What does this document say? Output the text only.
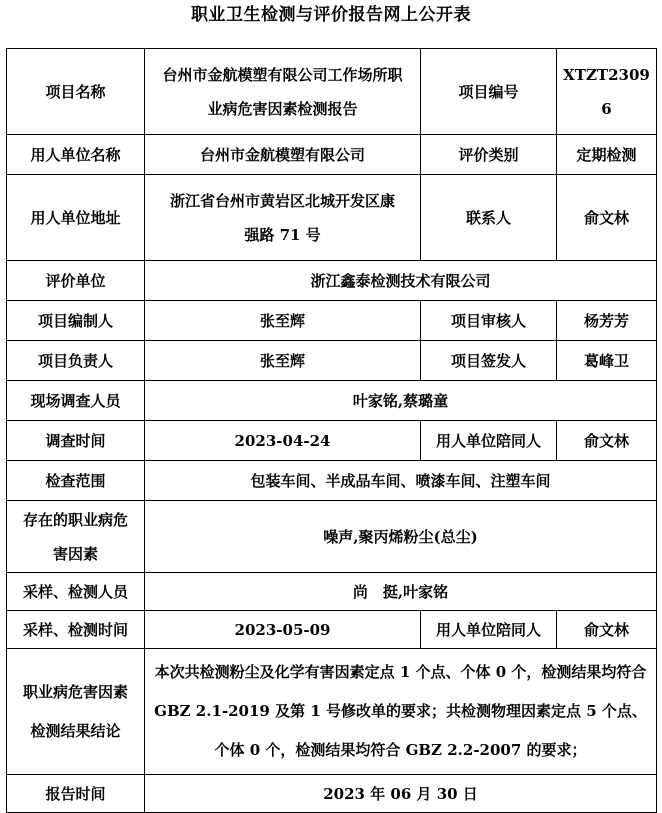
职业卫生检测与评价报告网上公开表
项目名称	台州市金航模塑有限公司工作场所职业病危害因素检测报告	项目编号	XTZT23096
用人单位名称	台州市金航模塑有限公司	评价类别	定期检测
用人单位地址	浙江省台州市黄岩区北城开发区康强路 71 号	联系人	俞文林
评价单位	浙江鑫泰检测技术有限公司		
项目编制人	张至辉	项目审核人	杨芳芳
项目负责人	张至辉	项目签发人	葛峰卫
现场调查人员	叶家铭,蔡璐童		
调查时间	2023-04-24	用人单位陪同人	俞文林
检查范围	包装车间、半成品车间、喷漆车间、注塑车间		
存在的职业病危害因素	噪声,聚丙烯粉尘(总尘)		
采样、检测人员	尚　挺,叶家铭		
采样、检测时间	2023-05-09	用人单位陪同人	俞文林
职业病危害因素检测结果结论	本次共检测粉尘及化学有害因素定点 1 个点、个体 0 个，检测结果均符合 GBZ 2.1-2019 及第 1 号修改单的要求；共检测物理因素定点 5 个点、个体 0 个，检测结果均符合 GBZ 2.2-2007 的要求；		
报告时间	2023 年 06 月 30 日		
